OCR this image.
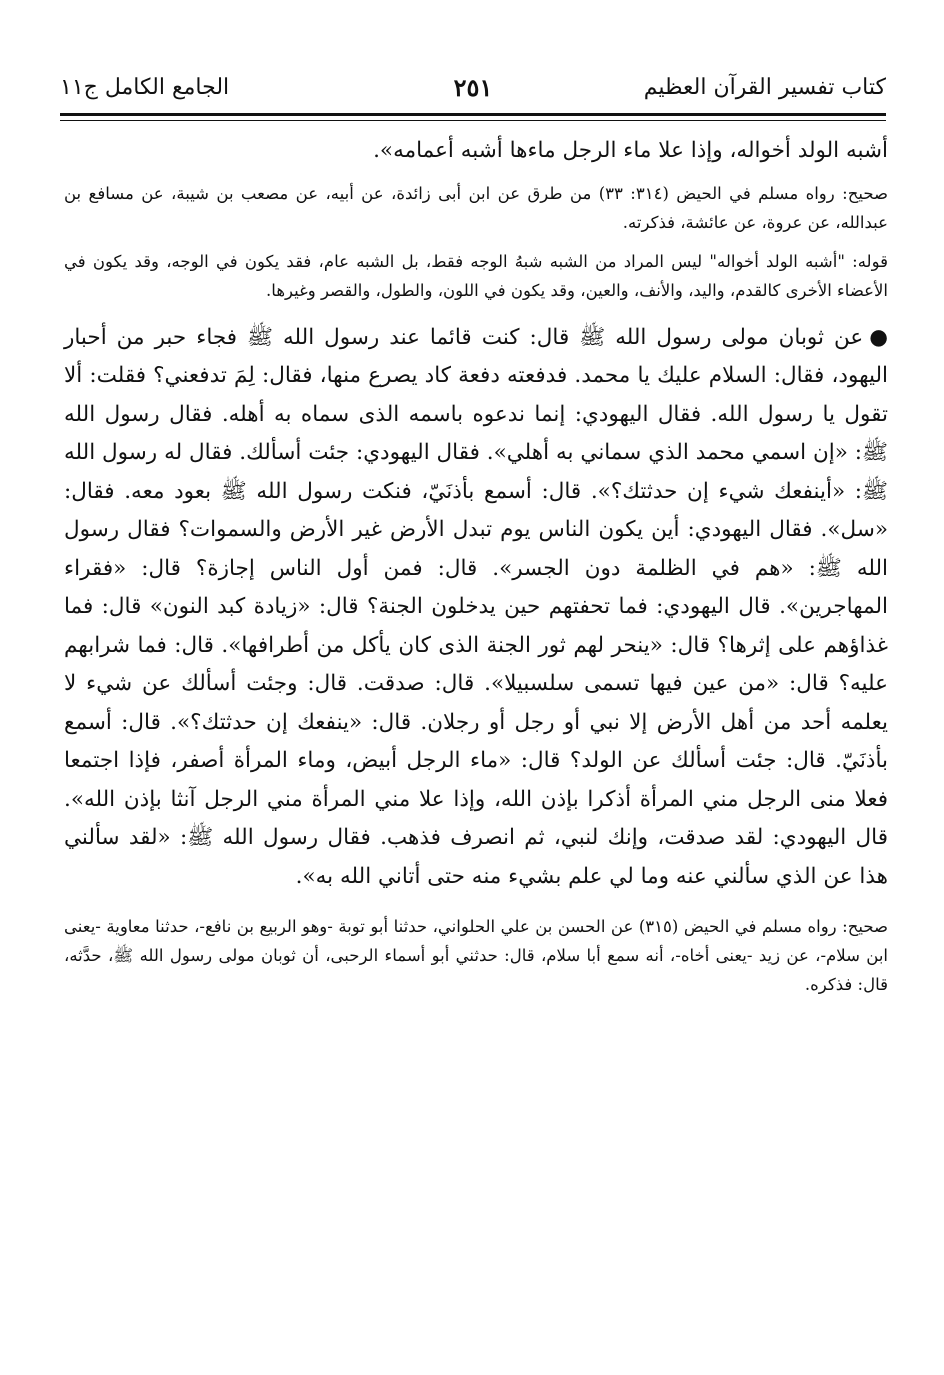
كتاب تفسير القرآن العظيم
٢٥١
الجامع الكامل ج١١

أشبه الولد أخواله، وإذا علا ماء الرجل ماءها أشبه أعمامه».

صحيح: رواه مسلم في الحيض (٣١٤: ٣٣) من طرق عن ابن أبى زائدة، عن أبيه، عن مصعب بن شيبة، عن مسافع بن عبدالله، عن عروة، عن عائشة، فذكرته.

قوله: "أشبه الولد أخواله" ليس المراد من الشبه شبهُ الوجه فقط، بل الشبه عام، فقد يكون في الوجه، وقد يكون في الأعضاء الأخرى كالقدم، واليد، والأنف، والعين، وقد يكون في اللون، والطول، والقصر وغيرها.

●عن ثوبان مولى رسول الله ﷺ قال: كنت قائما عند رسول الله ﷺ فجاء حبر من أحبار اليهود، فقال: السلام عليك يا محمد. فدفعته دفعة كاد يصرع منها، فقال: لِمَ تدفعني؟ فقلت: ألا تقول يا رسول الله. فقال اليهودي: إنما ندعوه باسمه الذى سماه به أهله. فقال رسول الله ﷺ: «إن اسمي محمد الذي سماني به أهلي». فقال اليهودي: جئت أسألك. فقال له رسول الله ﷺ: «أينفعك شيء إن حدثتك؟». قال: أسمع بأذنَيّ، فنكت رسول الله ﷺ بعود معه. فقال: «سل». فقال اليهودي: أين يكون الناس يوم تبدل الأرض غير الأرض والسموات؟ فقال رسول الله ﷺ: «هم في الظلمة دون الجسر». قال: فمن أول الناس إجازة؟ قال: «فقراء المهاجرين». قال اليهودي: فما تحفتهم حين يدخلون الجنة؟ قال: «زيادة كبد النون» قال: فما غذاؤهم على إثرها؟ قال: «ينحر لهم ثور الجنة الذى كان يأكل من أطرافها». قال: فما شرابهم عليه؟ قال: «من عين فيها تسمى سلسبيلا». قال: صدقت. قال: وجئت أسألك عن شيء لا يعلمه أحد من أهل الأرض إلا نبي أو رجل أو رجلان. قال: «ينفعك إن حدثتك؟». قال: أسمع بأذنَيّ. قال: جئت أسألك عن الولد؟ قال: «ماء الرجل أبيض، وماء المرأة أصفر، فإذا اجتمعا فعلا منى الرجل مني المرأة أذكرا بإذن الله، وإذا علا مني المرأة مني الرجل آنثا بإذن الله». قال اليهودي: لقد صدقت، وإنك لنبي، ثم انصرف فذهب. فقال رسول الله ﷺ: «لقد سألني هذا عن الذي سألني عنه وما لي علم بشيء منه حتى أتاني الله به».

صحيح: رواه مسلم في الحيض (٣١٥) عن الحسن بن علي الحلواني، حدثنا أبو توبة -وهو الربيع بن نافع-، حدثنا معاوية -يعنى ابن سلام-، عن زيد -يعنى أخاه-، أنه سمع أبا سلام، قال: حدثني أبو أسماء الرحبى، أن ثوبان مولى رسول الله ﷺ، حدَّثه، قال: فذكره.
